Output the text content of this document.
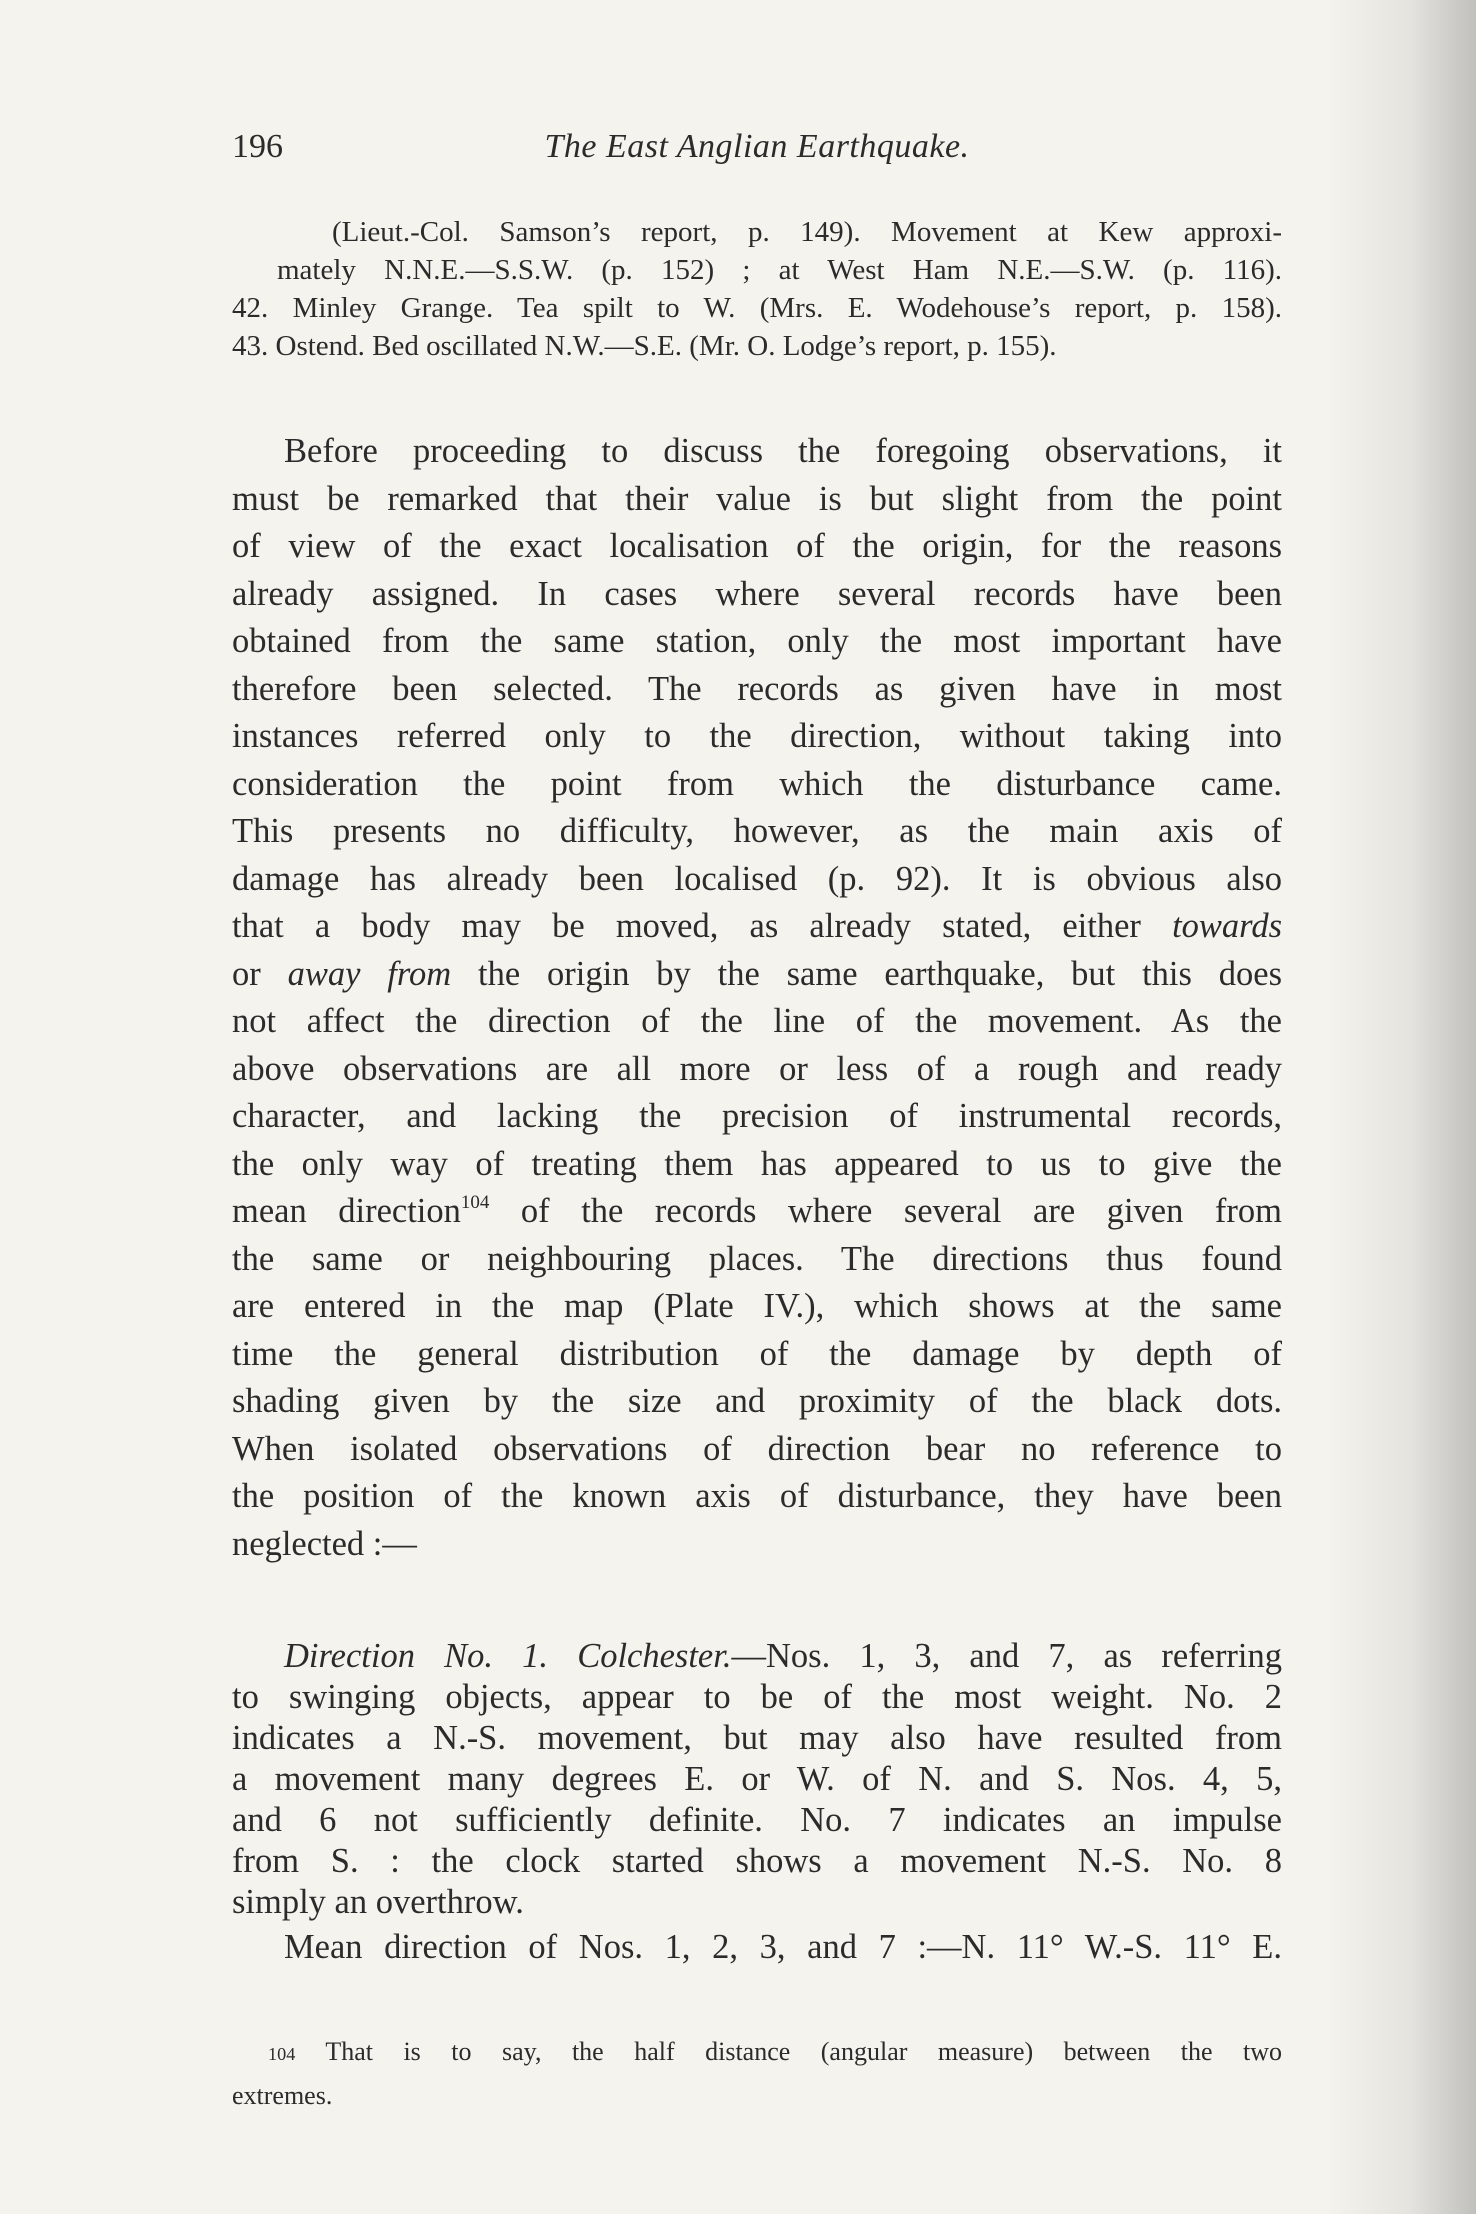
196	The East Anglian Earthquake.
(Lieut.-Col. Samson’s report, p. 149). Movement at Kew approxi-
mately N.N.E.—S.S.W. (p. 152) ; at West Ham N.E.—S.W. (p. 116).
42. Minley Grange. Tea spilt to W. (Mrs. E. Wodehouse’s report, p. 158).
43. Ostend. Bed oscillated N.W.—S.E. (Mr. O. Lodge’s report, p. 155).
Before proceeding to discuss the foregoing observations, it
must be remarked that their value is but slight from the point
of view of the exact localisation of the origin, for the reasons
already assigned. In cases where several records have been
obtained from the same station, only the most important have
therefore been selected. The records as given have in most
instances referred only to the direction, without taking into
consideration the point from which the disturbance came.
This presents no difficulty, however, as the main axis of
damage has already been localised (p. 92). It is obvious also
that a body may be moved, as already stated, either towards
or away from the origin by the same earthquake, but this does
not affect the direction of the line of the movement. As the
above observations are all more or less of a rough and ready
character, and lacking the precision of instrumental records,
the only way of treating them has appeared to us to give the
mean direction$^{104}$ of the records where several are given from
the same or neighbouring places. The directions thus found
are entered in the map (Plate IV.), which shows at the same
time the general distribution of the damage by depth of
shading given by the size and proximity of the black dots.
When isolated observations of direction bear no reference to
the position of the known axis of disturbance, they have been
neglected :—
Direction No. 1. Colchester.—Nos. 1, 3, and 7, as referring
to swinging objects, appear to be of the most weight. No. 2
indicates a N.-S. movement, but may also have resulted from
a movement many degrees E. or W. of N. and S. Nos. 4, 5,
and 6 not sufficiently definite. No. 7 indicates an impulse
from S. : the clock started shows a movement N.-S. No. 8
simply an overthrow.
Mean direction of Nos. 1, 2, 3, and 7 :—N. 11° W.-S. 11° E.
104 That is to say, the half distance (angular measure) between the two
extremes.
